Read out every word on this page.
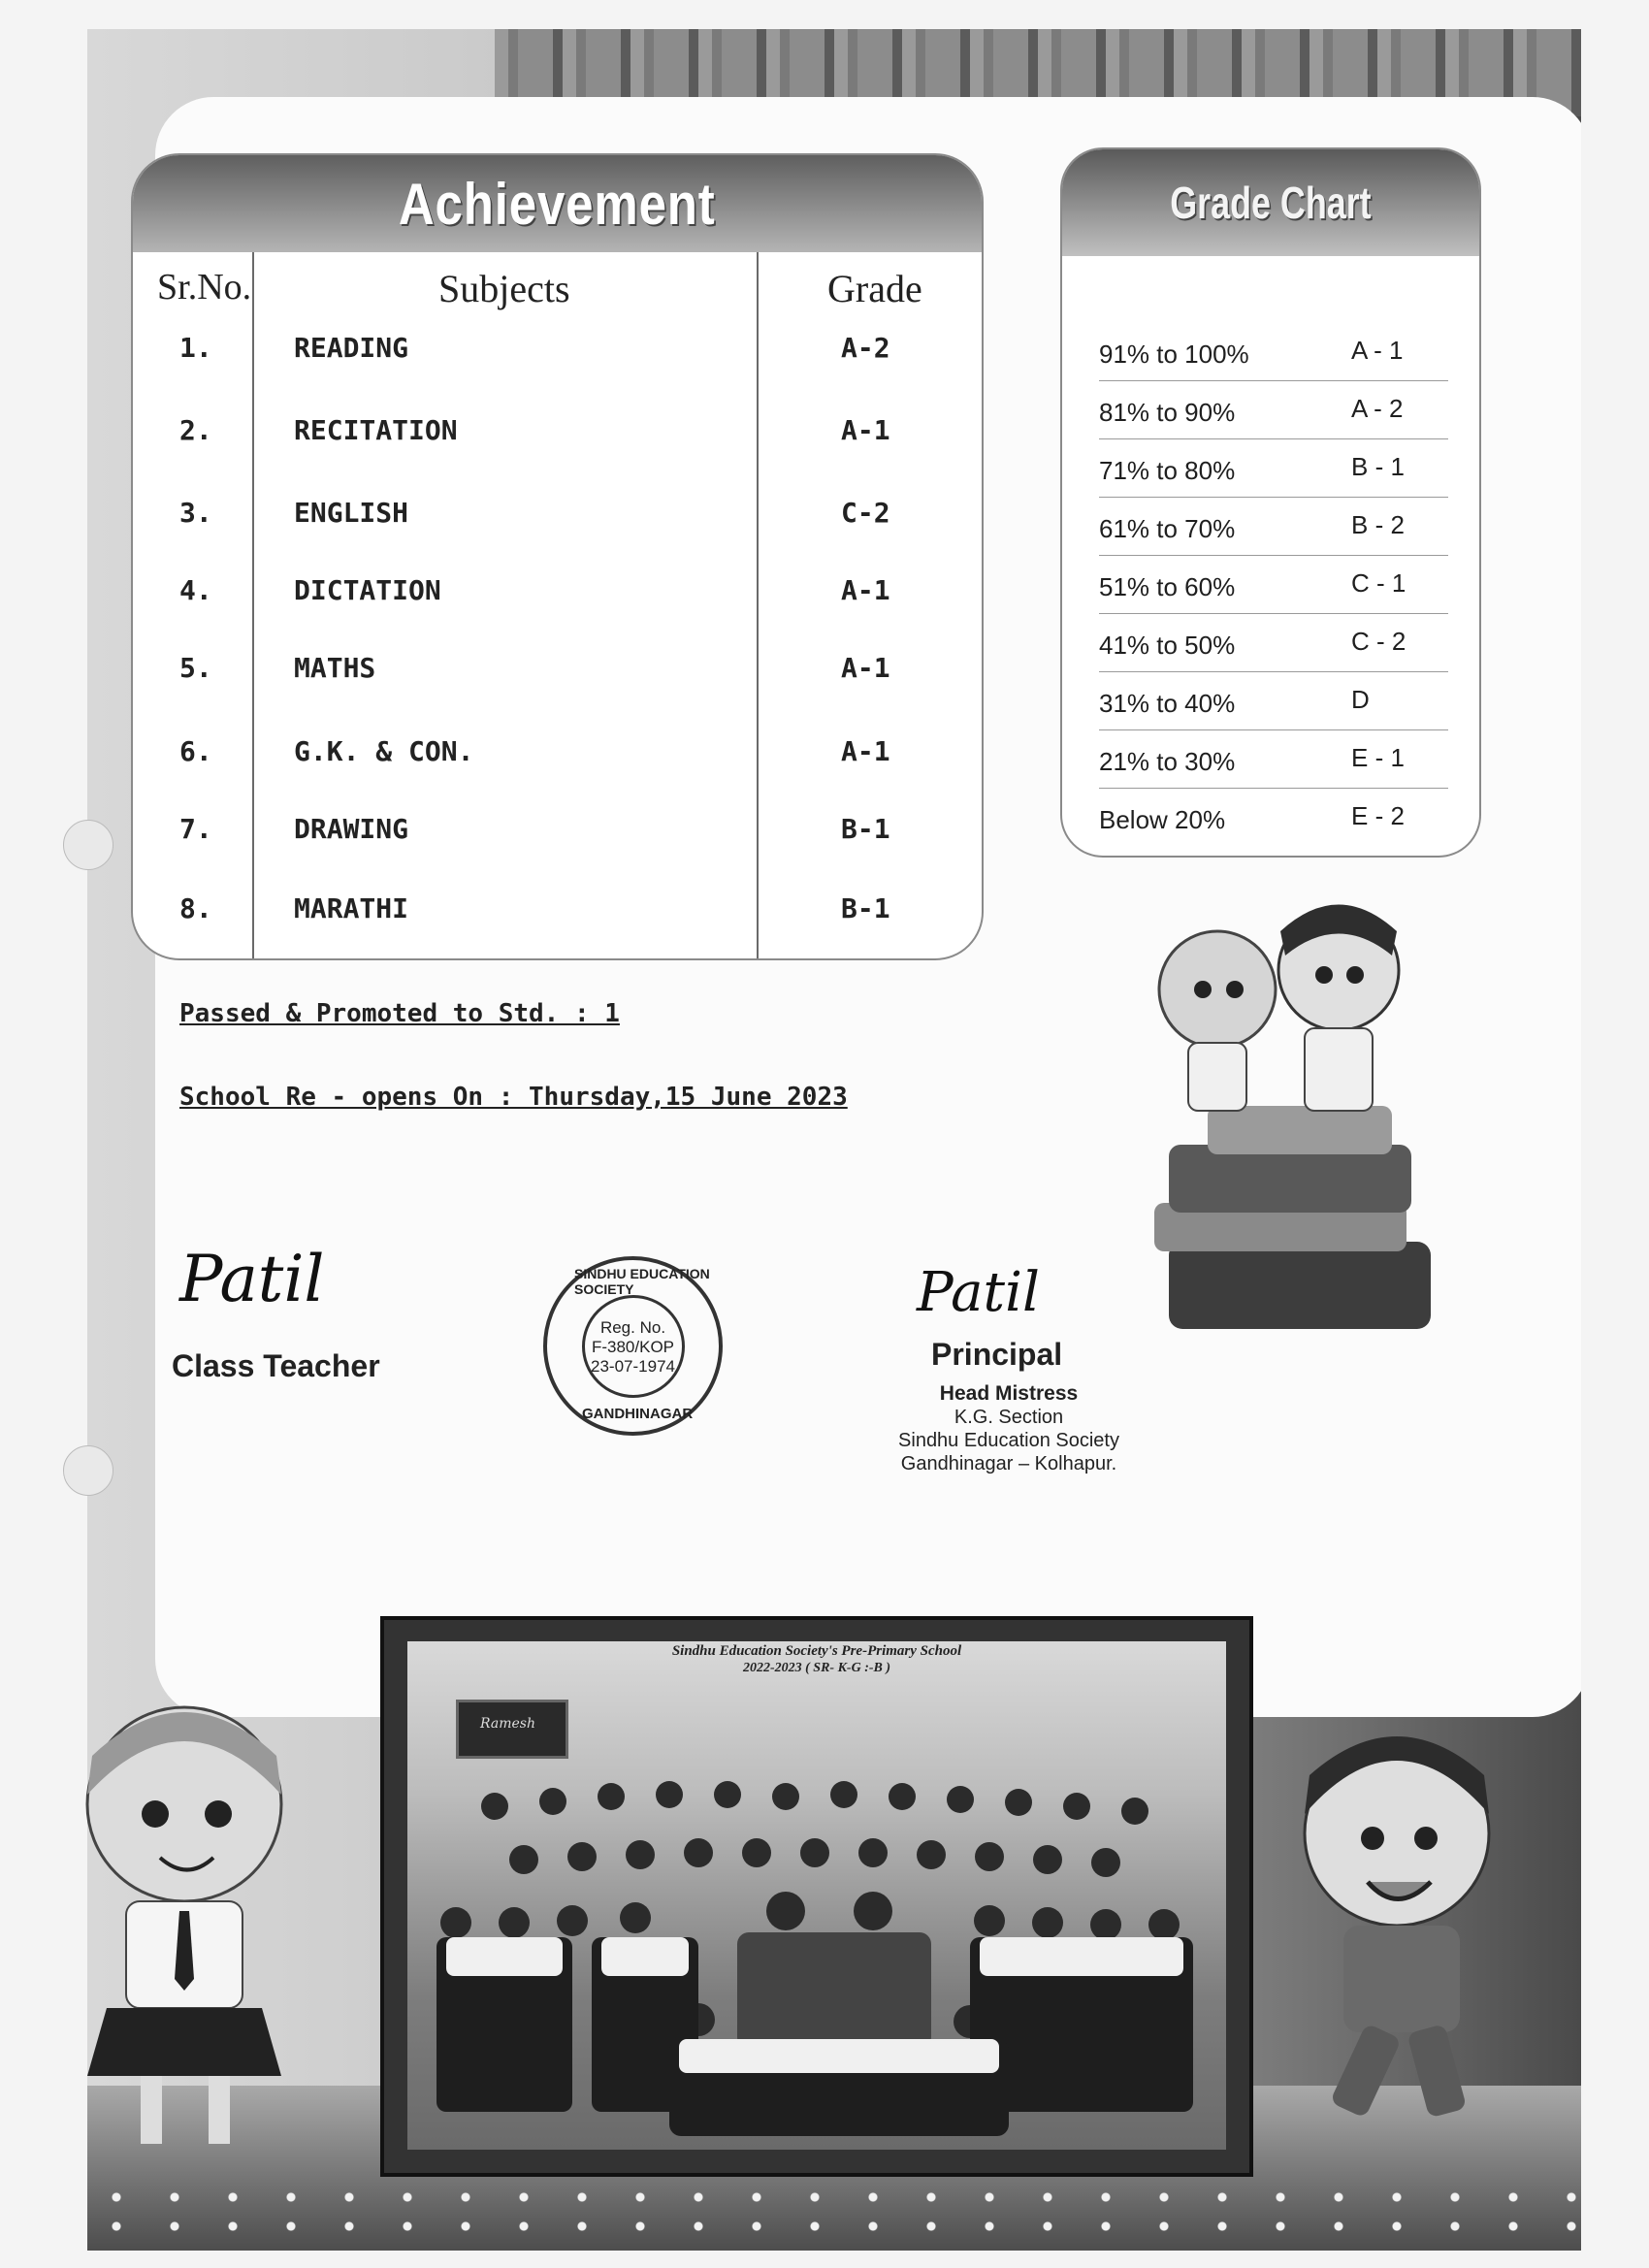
Achievement
Sr.No.	Subjects	Grade
1.	READING	A-2
2.	RECITATION	A-1
3.	ENGLISH	C-2
4.	DICTATION	A-1
5.	MATHS	A-1
6.	G.K. & CON.	A-1
7.	DRAWING	B-1
8.	MARATHI	B-1
Grade Chart
91% to 100%	A - 1
81% to 90%	A - 2
71% to 80%	B - 1
61% to 70%	B - 2
51% to 60%	C - 1
41% to 50%	C - 2
31% to 40%	D
21% to 30%	E - 1
Below 20%	E - 2
Passed & Promoted to Std. : 1
School Re - opens On : Thursday,15 June 2023
Patil
Class Teacher
Reg. No.
F-380/KOP
23-07-1974
SINDHU EDUCATION SOCIETY
GANDHINAGAR
Patil
Principal
Head Mistress
K.G. Section
Sindhu Education Society
Gandhinagar – Kolhapur.
Sindhu Education Society's Pre-Primary School
2022-2023 ( SR- K-G :-B )
Ramesh
